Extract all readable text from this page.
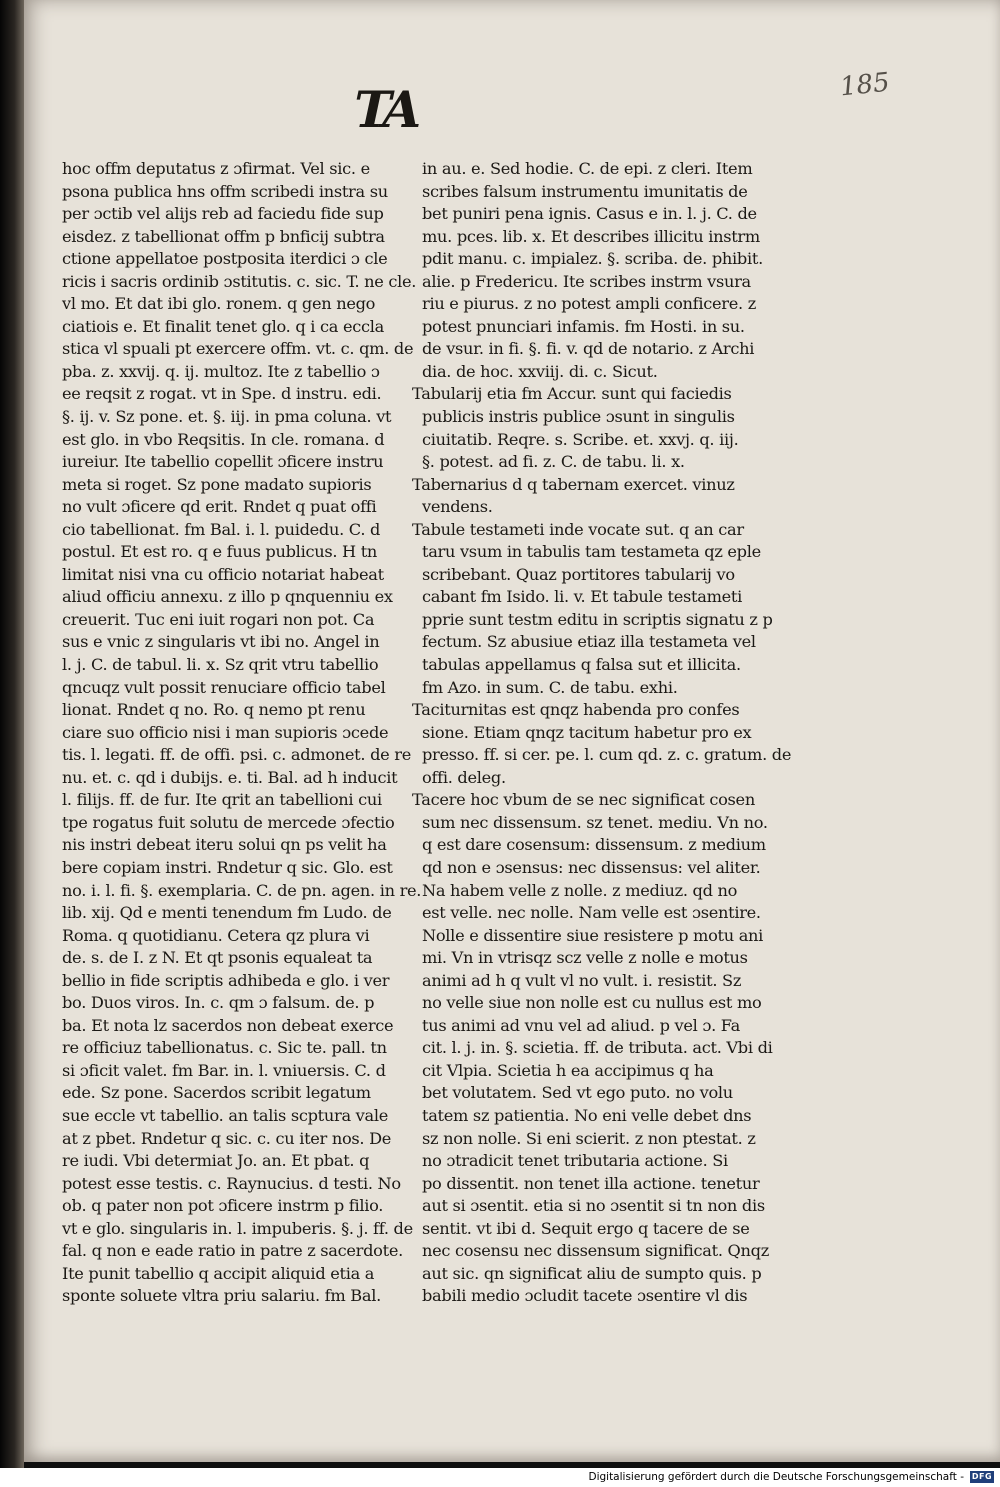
185
TA
hoc offm deputatus z ɔfirmat. Vel sic. e
psona publica hns offm scribedi instra su
per ɔctib vel alijs reb ad faciedu fide sup
eisdez. z tabellionat offm p bnficij subtra
ctione appellatoe postposita iterdici ɔ cle
ricis i sacris ordinib ɔstitutis. c. sic. T. ne cle.
vl mo. Et dat ibi glo. ronem. q gen nego
ciatiois e. Et finalit tenet glo. q i ca eccla
stica vl spuali pt exercere offm. vt. c. qm. de
pba. z. xxvij. q. ij. multoz. Ite z tabellio ɔ
ee reqsit z rogat. vt in Spe. d instru. edi.
§. ij. v. Sz pone. et. §. iij. in pma coluna. vt
est glo. in vbo Reqsitis. In cle. romana. d
iureiur. Ite tabellio copellit ɔficere instru
meta si roget. Sz pone madato supioris
no vult ɔficere qd erit. Rndet q puat offi
cio tabellionat. fm Bal. i. l. puidedu. C. d
postul. Et est ro. q e fuus publicus. H tn
limitat nisi vna cu officio notariat habeat
aliud officiu annexu. z illo p qnquenniu ex
creuerit. Tuc eni iuit rogari non pot. Ca
sus e vnic z singularis vt ibi no. Angel in
l. j. C. de tabul. li. x. Sz qrit vtru tabellio
qncuqz vult possit renuciare officio tabel
lionat. Rndet q no. Ro. q nemo pt renu
ciare suo officio nisi i man supioris ɔcede
tis. l. legati. ff. de offi. psi. c. admonet. de re
nu. et. c. qd i dubijs. e. ti. Bal. ad h inducit
l. filijs. ff. de fur. Ite qrit an tabellioni cui
tpe rogatus fuit solutu de mercede ɔfectio
nis instri debeat iteru solui qn ps velit ha
bere copiam instri. Rndetur q sic. Glo. est
no. i. l. fi. §. exemplaria. C. de pn. agen. in re.
lib. xij. Qd e menti tenendum fm Ludo. de
Roma. q quotidianu. Cetera qz plura vi
de. s. de I. z N. Et qt psonis equaleat ta
bellio in fide scriptis adhibeda e glo. i ver
bo. Duos viros. In. c. qm ɔ falsum. de. p
ba. Et nota lz sacerdos non debeat exerce
re officiuz tabellionatus. c. Sic te. pall. tn
si ɔficit valet. fm Bar. in. l. vniuersis. C. d
ede. Sz pone. Sacerdos scribit legatum
sue eccle vt tabellio. an talis scptura vale
at z pbet. Rndetur q sic. c. cu iter nos. De
re iudi. Vbi determiat Jo. an. Et pbat. q
potest esse testis. c. Raynucius. d testi. No
ob. q pater non pot ɔficere instrm p filio.
vt e glo. singularis in. l. impuberis. §. j. ff. de
fal. q non e eade ratio in patre z sacerdote.
Ite punit tabellio q accipit aliquid etia a
sponte soluete vltra priu salariu. fm Bal.
in au. e. Sed hodie. C. de epi. z cleri. Item
scribes falsum instrumentu imunitatis de
bet puniri pena ignis. Casus e in. l. j. C. de
mu. pces. lib. x. Et describes illicitu instrm
pdit manu. c. impialez. §. scriba. de. phibit.
alie. p Fredericu. Ite scribes instrm vsura
riu e piurus. z no potest ampli conficere. z
potest pnunciari infamis. fm Hosti. in su.
de vsur. in fi. §. fi. v. qd de notario. z Archi
dia. de hoc. xxviij. di. c. Sicut.
Tabularij etia fm Accur. sunt qui faciedis
publicis instris publice ɔsunt in singulis
ciuitatib. Reqre. s. Scribe. et. xxvj. q. iij.
§. potest. ad fi. z. C. de tabu. li. x.
Tabernarius d q tabernam exercet. vinuz
vendens.
Tabule testameti inde vocate sut. q an car
taru vsum in tabulis tam testameta qz eple
scribebant. Quaz portitores tabularij vo
cabant fm Isido. li. v. Et tabule testameti
pprie sunt testm editu in scriptis signatu z p
fectum. Sz abusiue etiaz illa testameta vel
tabulas appellamus q falsa sut et illicita.
fm Azo. in sum. C. de tabu. exhi.
Taciturnitas est qnqz habenda pro confes
sione. Etiam qnqz tacitum habetur pro ex
presso. ff. si cer. pe. l. cum qd. z. c. gratum. de
offi. deleg.
Tacere hoc vbum de se nec significat cosen
sum nec dissensum. sz tenet. mediu. Vn no.
q est dare cosensum: dissensum. z medium
qd non e ɔsensus: nec dissensus: vel aliter.
Na habem velle z nolle. z mediuz. qd no
est velle. nec nolle. Nam velle est ɔsentire.
Nolle e dissentire siue resistere p motu ani
mi. Vn in vtrisqz scz velle z nolle e motus
animi ad h q vult vl no vult. i. resistit. Sz
no velle siue non nolle est cu nullus est mo
tus animi ad vnu vel ad aliud. p vel ɔ. Fa
cit. l. j. in. §. scietia. ff. de tributa. act. Vbi di
cit Vlpia. Scietia h ea accipimus q ha
bet volutatem. Sed vt ego puto. no volu
tatem sz patientia. No eni velle debet dns
sz non nolle. Si eni scierit. z non ptestat. z
no ɔtradicit tenet tributaria actione. Si
po dissentit. non tenet illa actione. tenetur
aut si ɔsentit. etia si no ɔsentit si tn non dis
sentit. vt ibi d. Sequit ergo q tacere de se
nec cosensu nec dissensum significat. Qnqz
aut sic. qn significat aliu de sumpto quis. p
babili medio ɔcludit tacete ɔsentire vl dis
Digitalisierung gefördert durch die Deutsche Forschungsgemeinschaft - DFG
